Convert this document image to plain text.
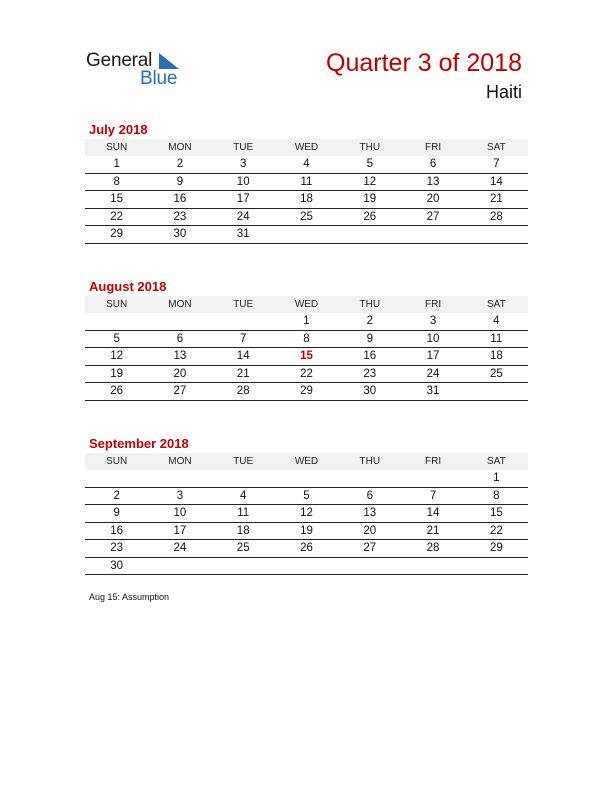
General
Blue
Quarter 3 of 2018
Haiti
July 2018
SUN	MON	TUE	WED	THU	FRI	SAT
1	2	3	4	5	6	7
8	9	10	11	12	13	14
15	16	17	18	19	20	21
22	23	24	25	26	27	28
29	30	31				
August 2018
SUN	MON	TUE	WED	THU	FRI	SAT
			1	2	3	4
5	6	7	8	9	10	11
12	13	14	15	16	17	18
19	20	21	22	23	24	25
26	27	28	29	30	31	
September 2018
SUN	MON	TUE	WED	THU	FRI	SAT
						1
2	3	4	5	6	7	8
9	10	11	12	13	14	15
16	17	18	19	20	21	22
23	24	25	26	27	28	29
30						
Aug 15: Assumption
